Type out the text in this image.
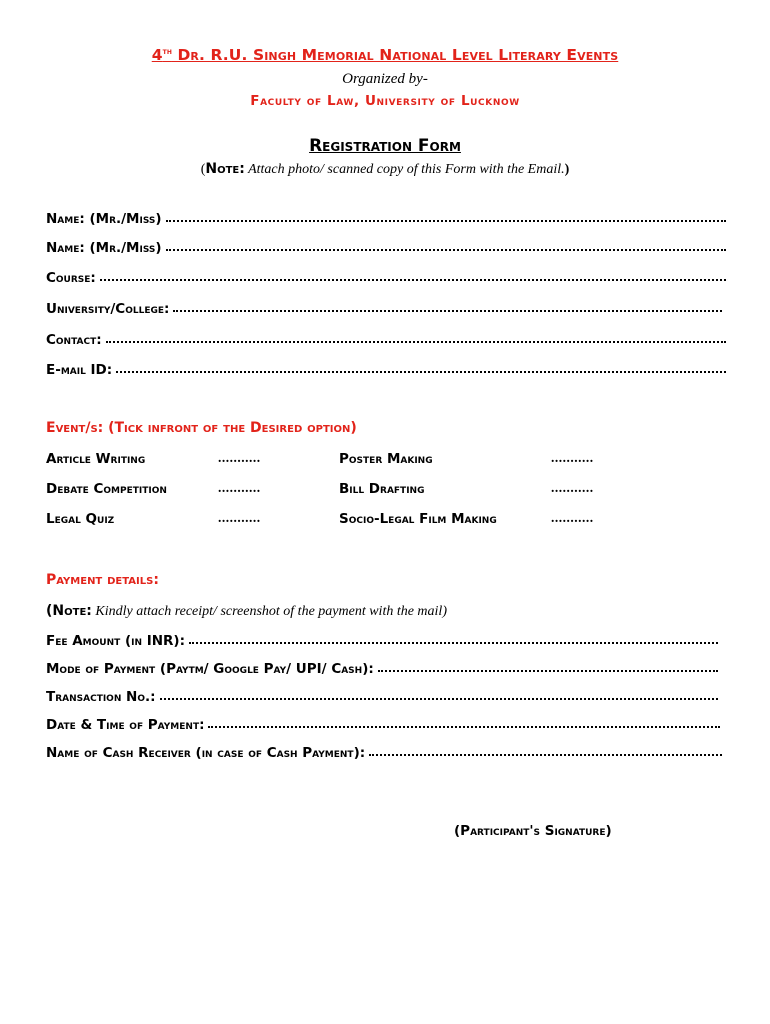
4th Dr. R.U. Singh Memorial National Level Literary Events
Organized by-
Faculty of Law, University of Lucknow
Registration Form
(Note: Attach photo/ scanned copy of this Form with the Email.)
Name: (Mr./Miss)
Name: (Mr./Miss)
Course:
University/College:
Contact:
E-mail ID:
Event/s: (Tick infront of the Desired option)
Article Writing	...........	Poster Making	...........
Debate Competition	...........	Bill Drafting	...........
Legal Quiz	...........	Socio-Legal Film Making	...........
Payment details:
(Note: Kindly attach receipt/ screenshot of the payment with the mail)
Fee Amount (in INR):
Mode of Payment (Paytm/ Google Pay/ UPI/ Cash):
Transaction No.:
Date & Time of Payment:
Name of Cash Receiver (in case of Cash Payment):
(Participant's Signature)
